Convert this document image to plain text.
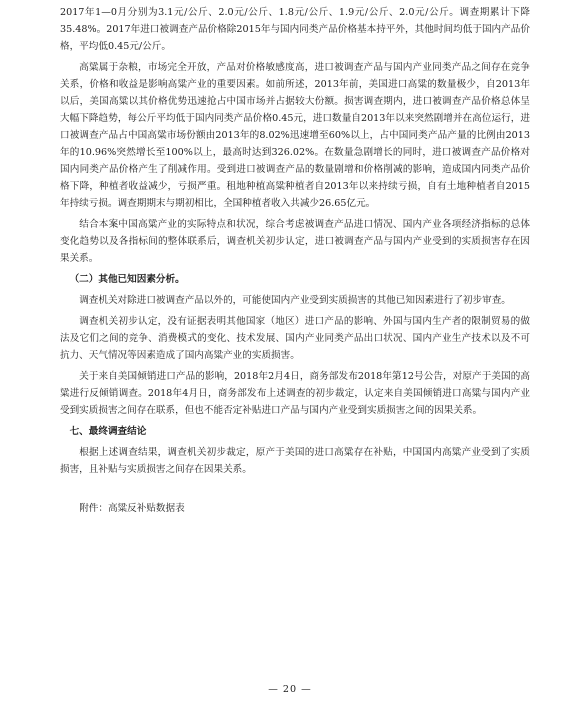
2017年1—0月分别为3.1元/公斤、2.0元/公斤、1.8元/公斤、1.9元/公斤、2.0元/公斤。调查期累计下降35.48%。2017年进口被调查产品价格除2015年与国内同类产品价格基本持平外，其他时间均低于国内产品价格，平均低0.45元/公斤。

高粱属于杂粮，市场完全开放，产品对价格敏感度高，进口被调查产品与国内产业同类产品之间存在竞争关系，价格和收益是影响高粱产业的重要因素。如前所述，2013年前，美国进口高粱的数量极少，自2013年以后，美国高粱以其价格优势迅速抢占中国市场并占据较大份额。损害调查期内，进口被调查产品价格总体呈大幅下降趋势，每公斤平均低于国内同类产品价格0.45元，进口数量自2013年以来突然剧增并在高位运行，进口被调查产品占中国高粱市场份额由2013年的8.02%迅速增至60%以上，占中国同类产品产量的比例由2013年的10.96%突然增长至100%以上，最高时达到326.02%。在数量急剧增长的同时，进口被调查产品价格对国内同类产品价格产生了削减作用。受到进口被调查产品的数量剧增和价格削减的影响，造成国内同类产品价格下降，种植者收益减少，亏损严重。租地种植高粱种植者自2013年以来持续亏损，自有土地种植者自2015年持续亏损。调查期期末与期初相比，全国种植者收入共减少26.65亿元。

结合本案中国高粱产业的实际特点和状况，综合考虑被调查产品进口情况、国内产业各项经济指标的总体变化趋势以及各指标间的整体联系后，调查机关初步认定，进口被调查产品与国内产业受到的实质损害存在因果关系。

（二）其他已知因素分析。

调查机关对除进口被调查产品以外的，可能使国内产业受到实质损害的其他已知因素进行了初步审查。

调查机关初步认定，没有证据表明其他国家（地区）进口产品的影响、外国与国内生产者的限制贸易的做法及它们之间的竞争、消费模式的变化、技术发展、国内产业同类产品出口状况、国内产业生产技术以及不可抗力、天气情况等因素造成了国内高粱产业的实质损害。

关于来自美国倾销进口产品的影响，2018年2月4日，商务部发布2018年第12号公告，对原产于美国的高粱进行反倾销调查。2018年4月日，商务部发布上述调查的初步裁定，认定来自美国倾销进口高粱与国内产业受到实质损害之间存在联系，但也不能否定补贴进口产品与国内产业受到实质损害之间的因果关系。

七、最终调查结论

根据上述调查结果，调查机关初步裁定，原产于美国的进口高粱存在补贴，中国国内高粱产业受到了实质损害，且补贴与实质损害之间存在因果关系。

附件：高粱反补贴数据表

— 20 —
